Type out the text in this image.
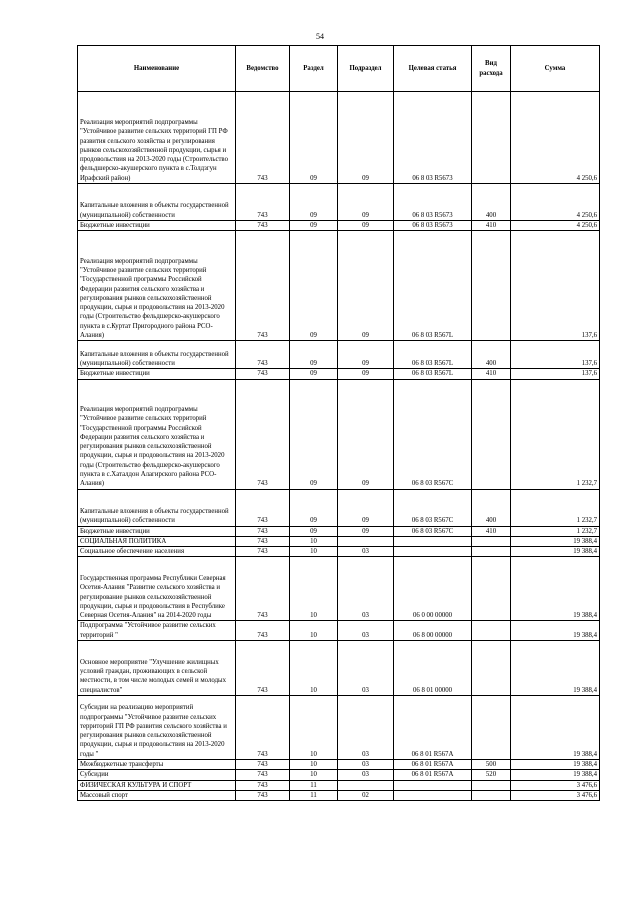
54
Наименование	Ведомство	Раздел	Подраздел	Целевая статья	Вид расхода	Сумма
Реализация мероприятий подпрограммы "Устойчивое развитие сельских территорий ГП РФ развития сельского хозяйства и регулирования рынков сельскохозяйственной продукции, сырья и продовольствия на 2013-2020 годы (Строительство фельдшерско-акушерского пункта в с.Толдзгун Ирафский район)	743	09	09	06 8 03 R5673		4 250,6
Капитальные вложения в объекты государственной (муниципальной) собственности	743	09	09	06 8 03 R5673	400	4 250,6
Бюджетные инвестиции	743	09	09	06 8 03 R5673	410	4 250,6
Реализация мероприятий подпрограммы "Устойчивое развитие сельских территорий "Государственной программы Российской Федерации развития сельского хозяйства и регулирования рынков сельскохозяйственной продукции, сырья и продовольствия на 2013-2020 годы (Строительство фельдшерско-акушерского пункта в с.Куртат Пригородного района РСО-Алания)	743	09	09	06 8 03 R567L		137,6
Капитальные вложения в объекты государственной (муниципальной) собственности	743	09	09	06 8 03 R567L	400	137,6
Бюджетные инвестиции	743	09	09	06 8 03 R567L	410	137,6
Реализация мероприятий подпрограммы "Устойчивое развитие сельских территорий "Государственной программы Российской Федерации развития сельского хозяйства и регулирования рынков сельскохозяйственной продукции, сырья и продовольствия на 2013-2020 годы (Строительство фельдшерско-акушерского пункта в с.Хаталдон Алагирского района РСО-Алания)	743	09	09	06 8 03 R567C		1 232,7
Капитальные вложения в объекты государственной (муниципальной) собственности	743	09	09	06 8 03 R567C	400	1 232,7
Бюджетные инвестиции	743	09	09	06 8 03 R567C	410	1 232,7
СОЦИАЛЬНАЯ ПОЛИТИКА	743	10				19 388,4
Социальное обеспечение населения	743	10	03			19 388,4
Государственная программа Республики Северная Осетия-Алания "Развитие сельского хозяйства и регулирование рынков сельскохозяйственной продукции, сырья и продовольствия в Республике Северная Осетия-Алания" на 2014-2020 годы	743	10	03	06 0 00 00000		19 388,4
Подпрограмма "Устойчивое развитие сельских территорий "	743	10	03	06 8 00 00000		19 388,4
Основное мероприятие "Улучшение жилищных условий граждан, проживающих в сельской местности, в том числе молодых семей и молодых специалистов"	743	10	03	06 8 01 00000		19 388,4
Субсидии на реализацию мероприятий подпрограммы "Устойчивое развитие сельских территорий ГП РФ развития сельского хозяйства и регулирования рынков сельскохозяйственной продукции, сырья и продовольствия на 2013-2020 годы "	743	10	03	06 8 01 R567A		19 388,4
Межбюджетные трансферты	743	10	03	06 8 01 R567A	500	19 388,4
Субсидии	743	10	03	06 8 01 R567A	520	19 388,4
ФИЗИЧЕСКАЯ КУЛЬТУРА И СПОРТ	743	11				3 476,6
Массовый спорт	743	11	02			3 476,6
